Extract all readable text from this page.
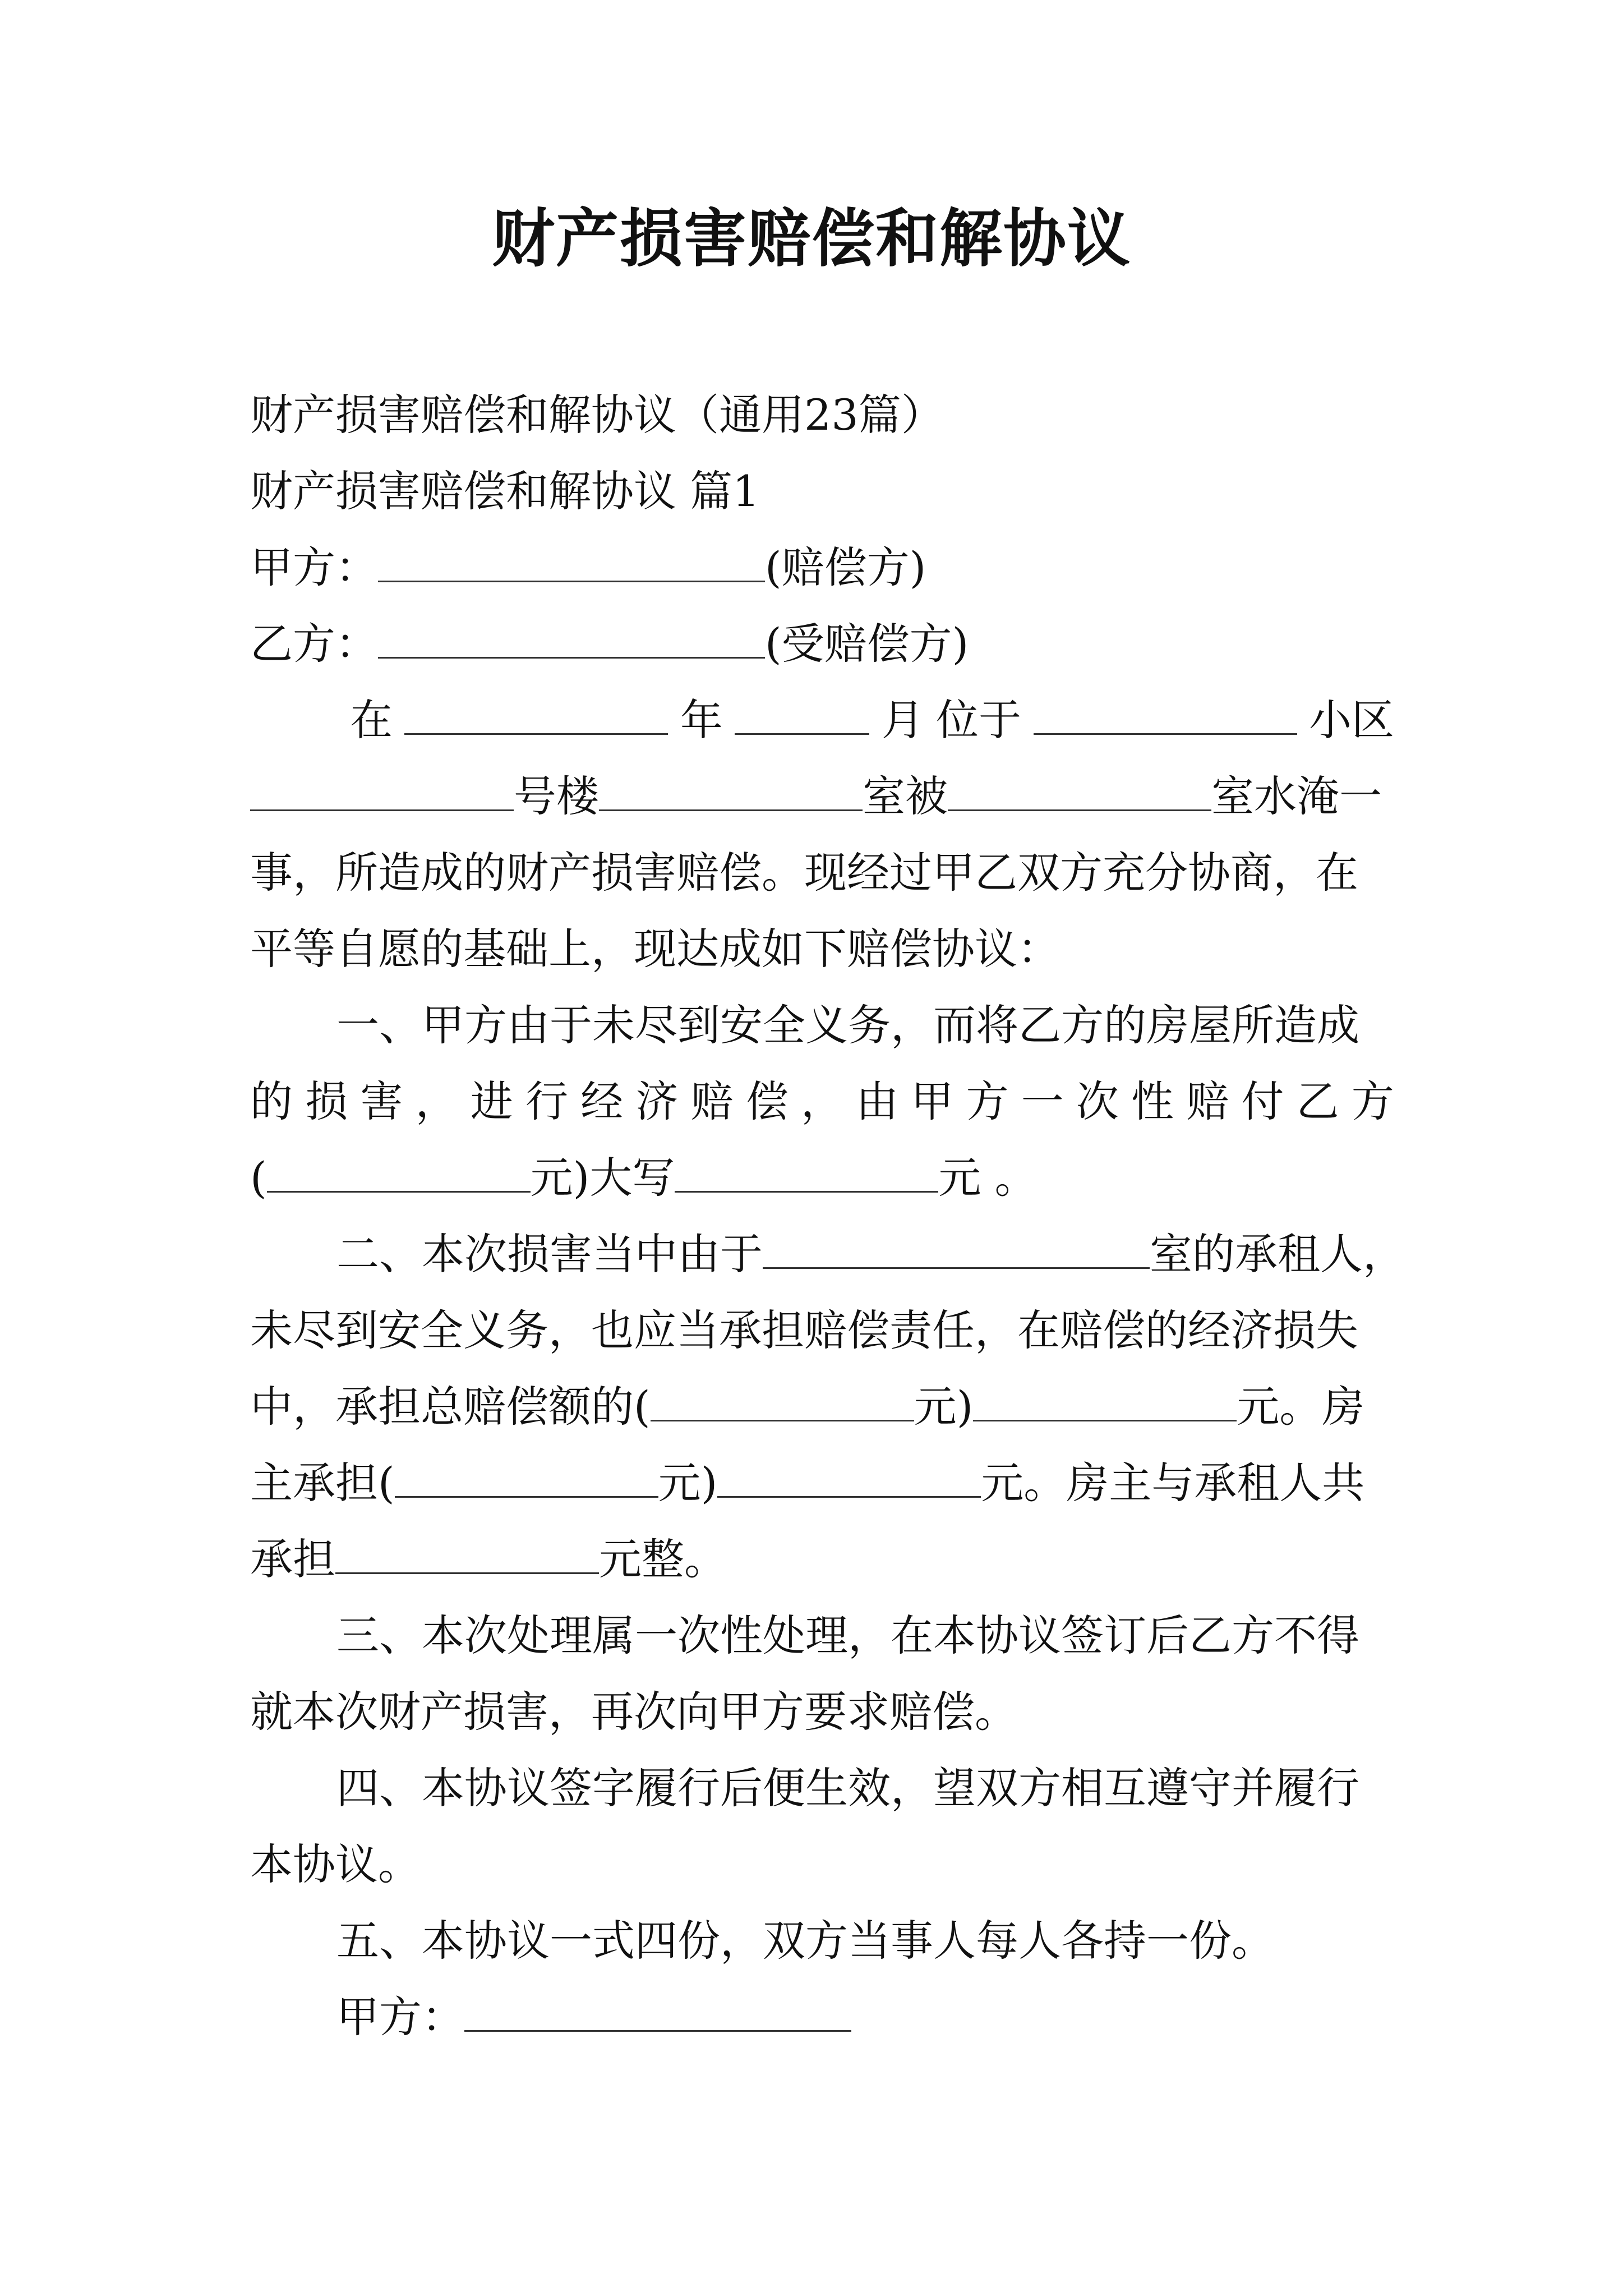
财产损害赔偿和解协议
财产损害赔偿和解协议（通用23篇）
财产损害赔偿和解协议 篇1
甲方：	(赔偿方)
乙方：	(受赔偿方)
在	年	月 位于	小区
号楼	室被	室水淹一
事，所造成的财产损害赔偿。现经过甲乙双方充分协商，在
平等自愿的基础上，现达成如下赔偿协议：
一、甲方由于未尽到安全义务，而将乙方的房屋所造成
的 损 害 ， 进 行 经 济 赔 偿 ， 由 甲 方 一 次 性 赔 付 乙 方
(	元)大写	元 。
二、本次损害当中由于	室的承租人，
未尽到安全义务，也应当承担赔偿责任，在赔偿的经济损失
中，承担总赔偿额的(	元)	元。房
主承担(	元)	元。房主与承租人共
承担	元整。
三、本次处理属一次性处理，在本协议签订后乙方不得
就本次财产损害，再次向甲方要求赔偿。
四、本协议签字履行后便生效，望双方相互遵守并履行
本协议。
五、本协议一式四份，双方当事人每人各持一份。
甲方：
